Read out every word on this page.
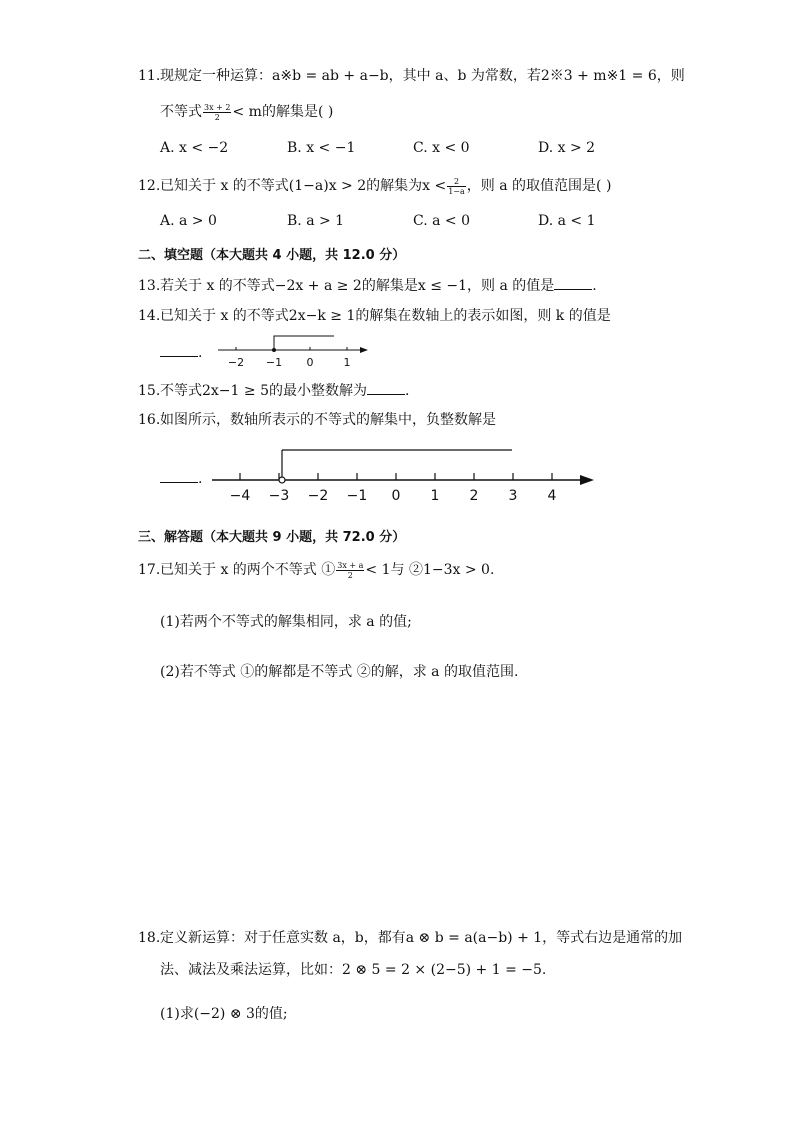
11.现规定一种运算：a※b = ab + a−b，其中 a、b 为常数，若2※3 + m※1 = 6，则
不等式 $\frac{3x + 2}{2} < m$的解集是( )
A. x < −2	B. x < −1	C. x < 0	D. x > 2
12.已知关于 x 的不等式(1−a)x > 2的解集为$x < \frac{2}{1-a}$ ，则 a 的取值范围是( )
A. a > 0	B. a > 1	C. a < 0	D. a < 1
二、填空题（本大题共 4 小题，共 12.0 分）
13.若关于 x 的不等式−2x + a ≥ 2的解集是x ≤ −1，则 a 的值是	.
14.已知关于 x 的不等式2x−k ≥ 1的解集在数轴上的表示如图，则 k 的值是
.
−2 −1 0	1
15.不等式2x−1 ≥ 5的最小整数解为	.
16.如图所示，数轴所表示的不等式的解集中，负整数解是
.
−4 −3 −2 −1 0 1 2 3 4
三、解答题（本大题共 9 小题，共 72.0 分）
17.已知关于 x 的两个不等式 ① $\frac{3x + a}{2} < 1$与 ②1−3x > 0.
(1)若两个不等式的解集相同，求 a 的值;
(2)若不等式 ①的解都是不等式 ②的解，求 a 的取值范围.
18.定义新运算：对于任意实数 a，b，都有a ⊗ b = a(a−b) + 1，等式右边是通常的加
法、减法及乘法运算，比如：2 ⊗ 5 = 2 × (2−5) + 1 = −5.
(1)求(−2) ⊗ 3的值;
